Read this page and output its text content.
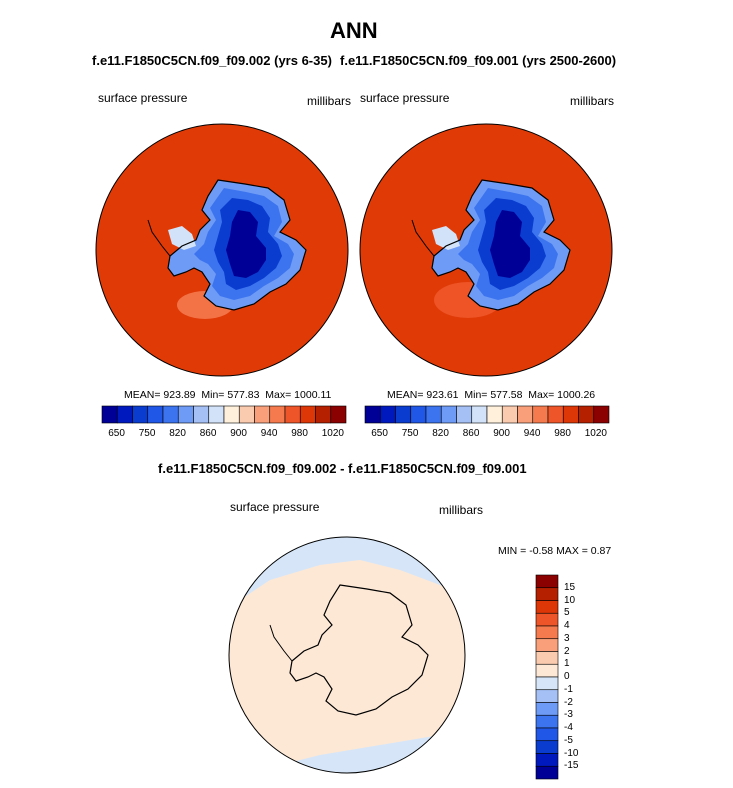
ANN
f.e11.F1850C5CN.f09_f09.002 (yrs 6-35) f.e11.F1850C5CN.f09_f09.001 (yrs 2500-2600)
surface pressure	millibars surface pressure	millibars
MEAN= 923.89 Min= 577.83 Max= 1000.11	MEAN= 923.61 Min= 577.58 Max= 1000.26
f.e11.F1850C5CN.f09_f09.002 - f.e11.F1850C5CN.f09_f09.001
surface pressure	millibars
MIN = -0.58 MAX = 0.87
650 750 820 860 900 940 980 1020	650 750 820 860 900 940 980 1020
15
10
5
4
3
2
1
0
-1
-2
-3
-4
-5
-10
-15
